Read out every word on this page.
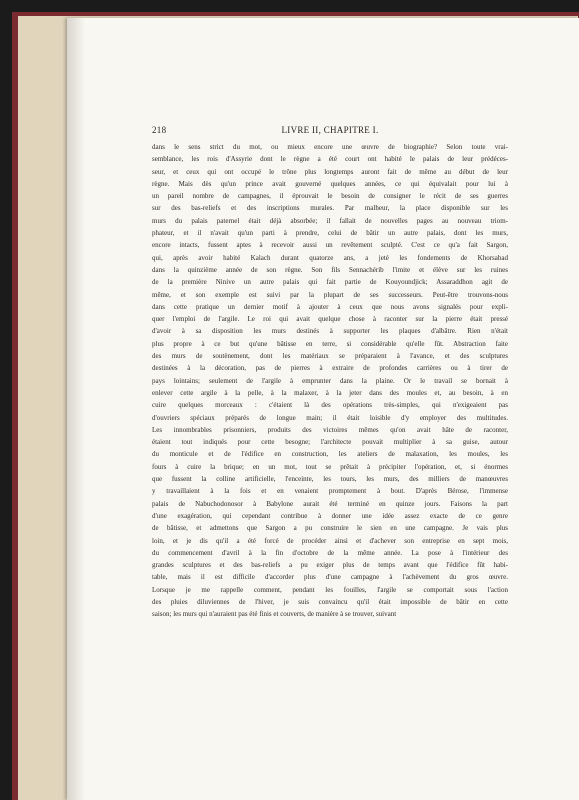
218	LIVRE II, CHAPITRE I.
dans le sens strict du mot, ou mieux encore une œuvre de biographie? Selon toute vrai-
semblance, les rois d'Assyrie dont le règne a été court ont habité le palais de leur prédéces-
seur, et ceux qui ont occupé le trône plus longtemps auront fait de même au début de leur
règne. Mais dès qu'un prince avait gouverné quelques années, ce qui équivalait pour lui à
un pareil nombre de campagnes, il éprouvait le besoin de consigner le récit de ses guerres
sur des bas-reliefs et des inscriptions murales. Par malheur, la place disponible sur les
murs du palais paternel était déjà absorbée; il fallait de nouvelles pages au nouveau triom-
phateur, et il n'avait qu'un parti à prendre, celui de bâtir un autre palais, dont les murs,
encore intacts, fussent aptes à recevoir aussi un revêtement sculpté. C'est ce qu'a fait Sargon,
qui, après avoir habité Kalach durant quatorze ans, a jeté les fondements de Khorsabad
dans la quinzième année de son règne. Son fils Sennachérib l'imite et élève sur les ruines
de la première Ninive un autre palais qui fait partie de Kouyoundjick; Assaraddhon agit de
même, et son exemple est suivi par la plupart de ses successeurs. Peut-être trouvons-nous
dans cette pratique un dernier motif à ajouter à ceux que nous avons signalés pour expli-
quer l'emploi de l'argile. Le roi qui avait quelque chose à raconter sur la pierre était pressé
d'avoir à sa disposition les murs destinés à supporter les plaques d'albâtre. Rien n'était
plus propre à ce but qu'une bâtisse en terre, si considérable qu'elle fût. Abstraction faite
des murs de soutènement, dont les matériaux se préparaient à l'avance, et des sculptures
destinées à la décoration, pas de pierres à extraire de profondes carrières ou à tirer de
pays lointains; seulement de l'argile à emprunter dans la plaine. Or le travail se bornait à
enlever cette argile à la pelle, à la malaxer, à la jeter dans des moules et, au besoin, à en
cuire quelques morceaux : c'étaient là des opérations très-simples, qui n'exigeaient pas
d'ouvriers spéciaux préparés de longue main; il était loisible d'y employer des multitudes.
Les innombrables prisonniers, produits des victoires mêmes qu'on avait hâte de raconter,
étaient tout indiqués pour cette besogne; l'architecte pouvait multiplier à sa guise, autour
du monticule et de l'édifice en construction, les ateliers de malaxation, les moules, les
fours à cuire la brique; en un mot, tout se prêtait à précipiter l'opération, et, si énormes
que fussent la colline artificielle, l'enceinte, les tours, les murs, des milliers de manœuvres
y travaillaient à la fois et en venaient promptement à bout. D'après Bérose, l'immense
palais de Nabuchodonosor à Babylone aurait été terminé en quinze jours. Faisons la part
d'une exagération, qui cependant contribue à donner une idée assez exacte de ce genre
de bâtisse, et admettons que Sargon a pu construire le sien en une campagne. Je vais plus
loin, et je dis qu'il a été forcé de procéder ainsi et d'achever son entreprise en sept mois,
du commencement d'avril à la fin d'octobre de la même année. La pose à l'intérieur des
grandes sculptures et des bas-reliefs a pu exiger plus de temps avant que l'édifice fût habi-
table, mais il est difficile d'accorder plus d'une campagne à l'achèvement du gros œuvre.
Lorsque je me rappelle comment, pendant les fouilles, l'argile se comportait sous l'action
des pluies diluviennes de l'hiver, je suis convaincu qu'il était impossible de bâtir en cette
saison; les murs qui n'auraient pas été finis et couverts, de manière à se trouver, suivant
